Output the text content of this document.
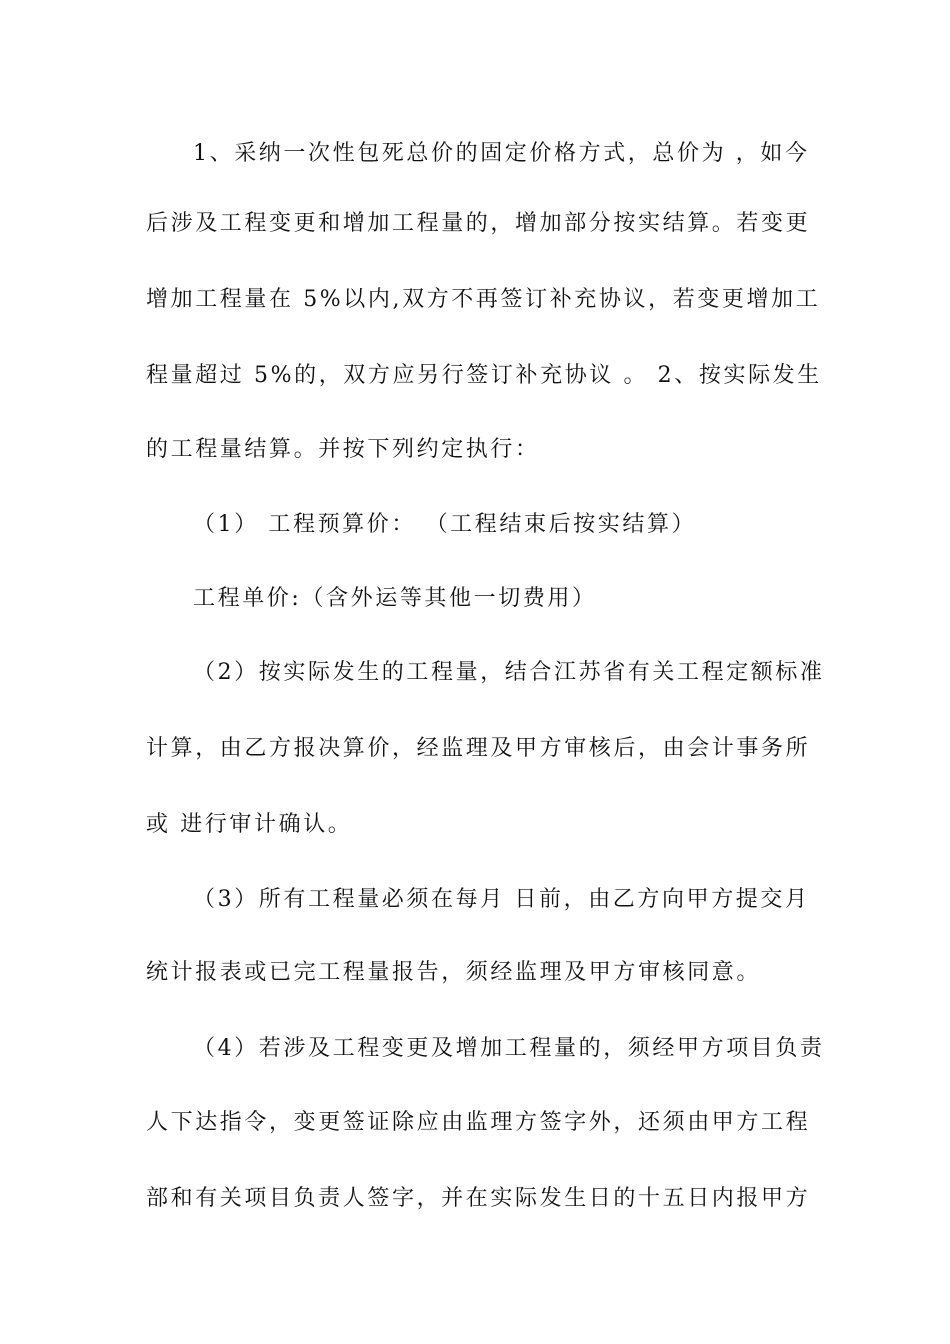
1、采纳一次性包死总价的固定价格方式，总价为 ，如今
后涉及工程变更和增加工程量的，增加部分按实结算。若变更
增加工程量在 5%以内,双方不再签订补充协议，若变更增加工
程量超过 5%的，双方应另行签订补充协议 。 2、按实际发生
的工程量结算。并按下列约定执行：
（1） 工程预算价： （工程结束后按实结算）
工程单价:（含外运等其他一切费用）
（2）按实际发生的工程量，结合江苏省有关工程定额标准
计算，由乙方报决算价，经监理及甲方审核后，由会计事务所
或 进行审计确认。
（3）所有工程量必须在每月 日前，由乙方向甲方提交月
统计报表或已完工程量报告，须经监理及甲方审核同意。
（4）若涉及工程变更及增加工程量的，须经甲方项目负责
人下达指令，变更签证除应由监理方签字外，还须由甲方工程
部和有关项目负责人签字，并在实际发生日的十五日内报甲方
